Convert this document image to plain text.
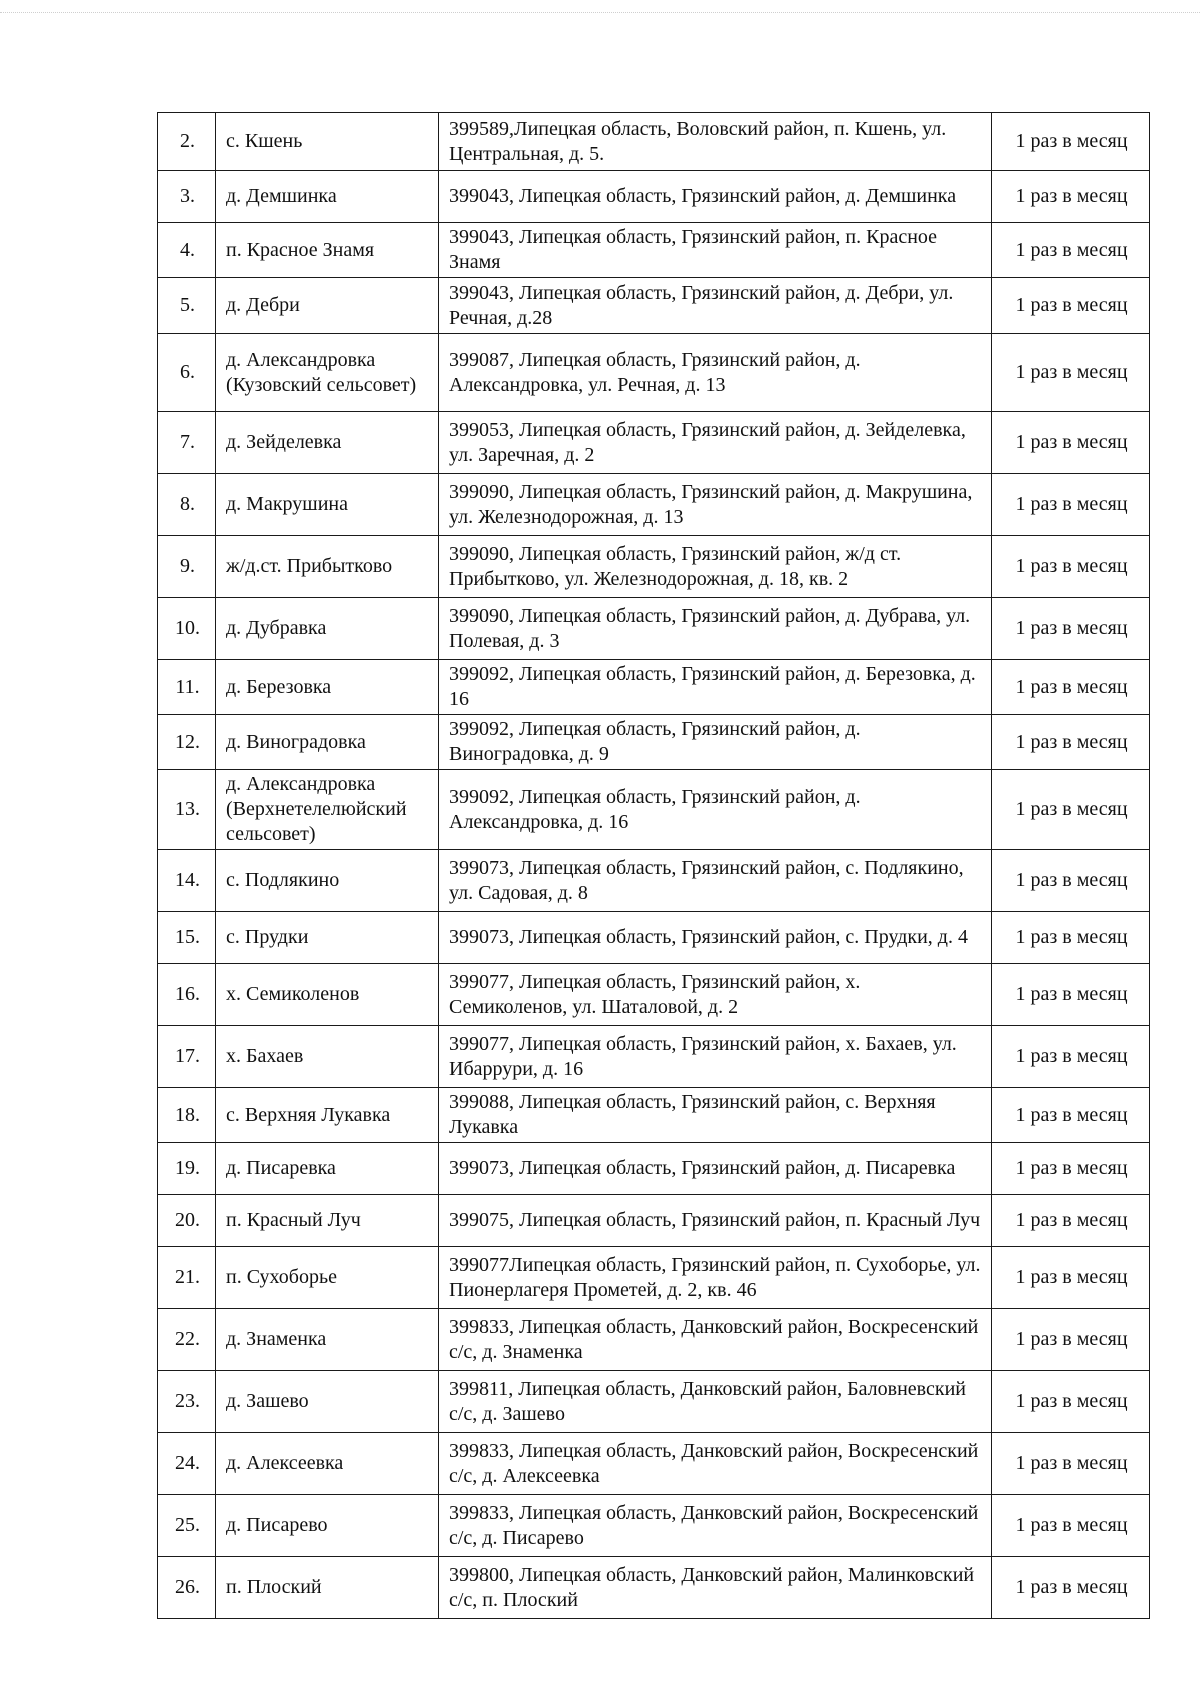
2.	с. Кшень	399589,Липецкая область, Воловский район, п. Кшень, ул. Центральная, д. 5.	1 раз в месяц
3.	д. Демшинка	399043, Липецкая область, Грязинский район, д. Демшинка	1 раз в месяц
4.	п. Красное Знамя	399043, Липецкая область, Грязинский район, п. Красное Знамя	1 раз в месяц
5.	д. Дебри	399043, Липецкая область, Грязинский район, д. Дебри, ул. Речная, д.28	1 раз в месяц
6.	д. Александровка (Кузовский сельсовет)	399087, Липецкая область, Грязинский район, д. Александровка, ул. Речная, д. 13	1 раз в месяц
7.	д. Зейделевка	399053, Липецкая область, Грязинский район, д. Зейделевка, ул. Заречная, д. 2	1 раз в месяц
8.	д. Макрушина	399090, Липецкая область, Грязинский район, д. Макрушина, ул. Железнодорожная, д. 13	1 раз в месяц
9.	ж/д.ст. Прибытково	399090, Липецкая область, Грязинский район, ж/д ст. Прибытково, ул. Железнодорожная, д. 18, кв. 2	1 раз в месяц
10.	д. Дубравка	399090, Липецкая область, Грязинский район, д. Дубрава, ул. Полевая, д. 3	1 раз в месяц
11.	д. Березовка	399092, Липецкая область, Грязинский район, д. Березовка, д. 16	1 раз в месяц
12.	д. Виноградовка	399092, Липецкая область, Грязинский район, д. Виноградовка, д. 9	1 раз в месяц
13.	д. Александровка (Верхнетелелюйский сельсовет)	399092, Липецкая область, Грязинский район, д. Александровка, д. 16	1 раз в месяц
14.	с. Подлякино	399073, Липецкая область, Грязинский район, с. Подлякино, ул. Садовая, д. 8	1 раз в месяц
15.	с. Прудки	399073, Липецкая область, Грязинский район, с. Прудки, д. 4	1 раз в месяц
16.	х. Семиколенов	399077, Липецкая область, Грязинский район, х. Семиколенов, ул. Шаталовой, д. 2	1 раз в месяц
17.	х. Бахаев	399077, Липецкая область, Грязинский район, х. Бахаев, ул. Ибаррури, д. 16	1 раз в месяц
18.	с. Верхняя Лукавка	399088, Липецкая область, Грязинский район, с. Верхняя Лукавка	1 раз в месяц
19.	д. Писаревка	399073, Липецкая область, Грязинский район, д. Писаревка	1 раз в месяц
20.	п. Красный Луч	399075, Липецкая область, Грязинский район, п. Красный Луч	1 раз в месяц
21.	п. Сухоборье	399077Липецкая область, Грязинский район, п. Сухоборье, ул. Пионерлагеря Прометей, д. 2, кв. 46	1 раз в месяц
22.	д. Знаменка	399833, Липецкая область, Данковский район, Воскресенский с/с, д. Знаменка	1 раз в месяц
23.	д. Зашево	399811, Липецкая область, Данковский район, Баловневский с/с, д. Зашево	1 раз в месяц
24.	д. Алексеевка	399833, Липецкая область, Данковский район, Воскресенский с/с, д. Алексеевка	1 раз в месяц
25.	д. Писарево	399833, Липецкая область, Данковский район, Воскресенский с/с, д. Писарево	1 раз в месяц
26.	п. Плоский	399800, Липецкая область, Данковский район, Малинковский с/с, п. Плоский	1 раз в месяц
